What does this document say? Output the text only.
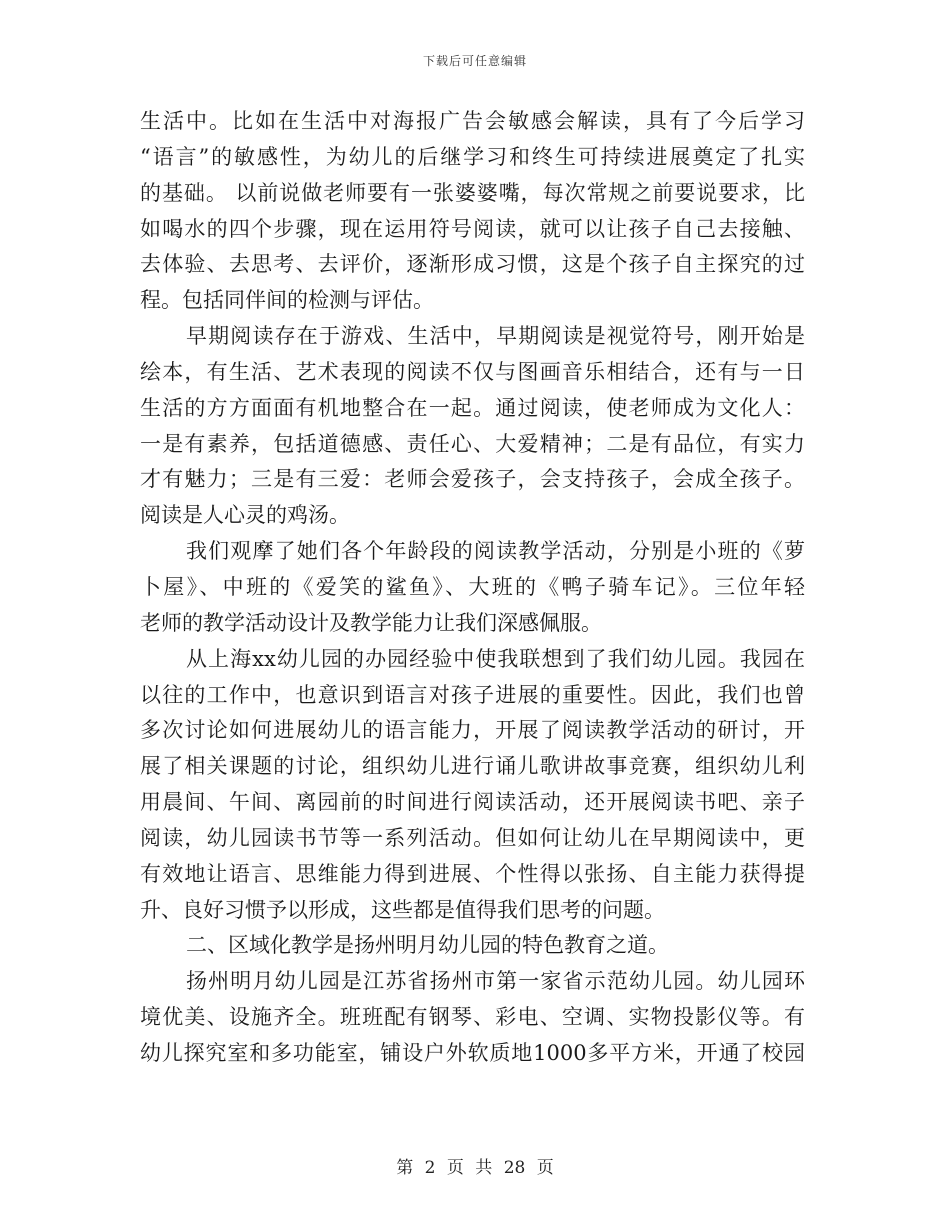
下载后可任意编辑
生活中。比如在生活中对海报广告会敏感会解读，具有了今后学习
“语言”的敏感性，为幼儿的后继学习和终生可持续进展奠定了扎实
的基础。 以前说做老师要有一张婆婆嘴，每次常规之前要说要求，比
如喝水的四个步骤，现在运用符号阅读，就可以让孩子自己去接触、
去体验、去思考、去评价，逐渐形成习惯，这是个孩子自主探究的过
程。包括同伴间的检测与评估。
早期阅读存在于游戏、生活中，早期阅读是视觉符号，刚开始是
绘本，有生活、艺术表现的阅读不仅与图画音乐相结合，还有与一日
生活的方方面面有机地整合在一起。通过阅读，使老师成为文化人：
一是有素养，包括道德感、责任心、大爱精神；二是有品位，有实力
才有魅力；三是有三爱：老师会爱孩子，会支持孩子，会成全孩子。
阅读是人心灵的鸡汤。
我们观摩了她们各个年龄段的阅读教学活动，分别是小班的《萝
卜屋》、中班的《爱笑的鲨鱼》、大班的《鸭子骑车记》。三位年轻
老师的教学活动设计及教学能力让我们深感佩服。
从上海xx幼儿园的办园经验中使我联想到了我们幼儿园。我园在
以往的工作中，也意识到语言对孩子进展的重要性。因此，我们也曾
多次讨论如何进展幼儿的语言能力，开展了阅读教学活动的研讨，开
展了相关课题的讨论，组织幼儿进行诵儿歌讲故事竞赛，组织幼儿利
用晨间、午间、离园前的时间进行阅读活动，还开展阅读书吧、亲子
阅读，幼儿园读书节等一系列活动。但如何让幼儿在早期阅读中，更
有效地让语言、思维能力得到进展、个性得以张扬、自主能力获得提
升、良好习惯予以形成，这些都是值得我们思考的问题。
二、区域化教学是扬州明月幼儿园的特色教育之道。
扬州明月幼儿园是江苏省扬州市第一家省示范幼儿园。幼儿园环
境优美、设施齐全。班班配有钢琴、彩电、空调、实物投影仪等。有
幼儿探究室和多功能室，铺设户外软质地1000多平方米，开通了校园
第 2 页 共 28 页
